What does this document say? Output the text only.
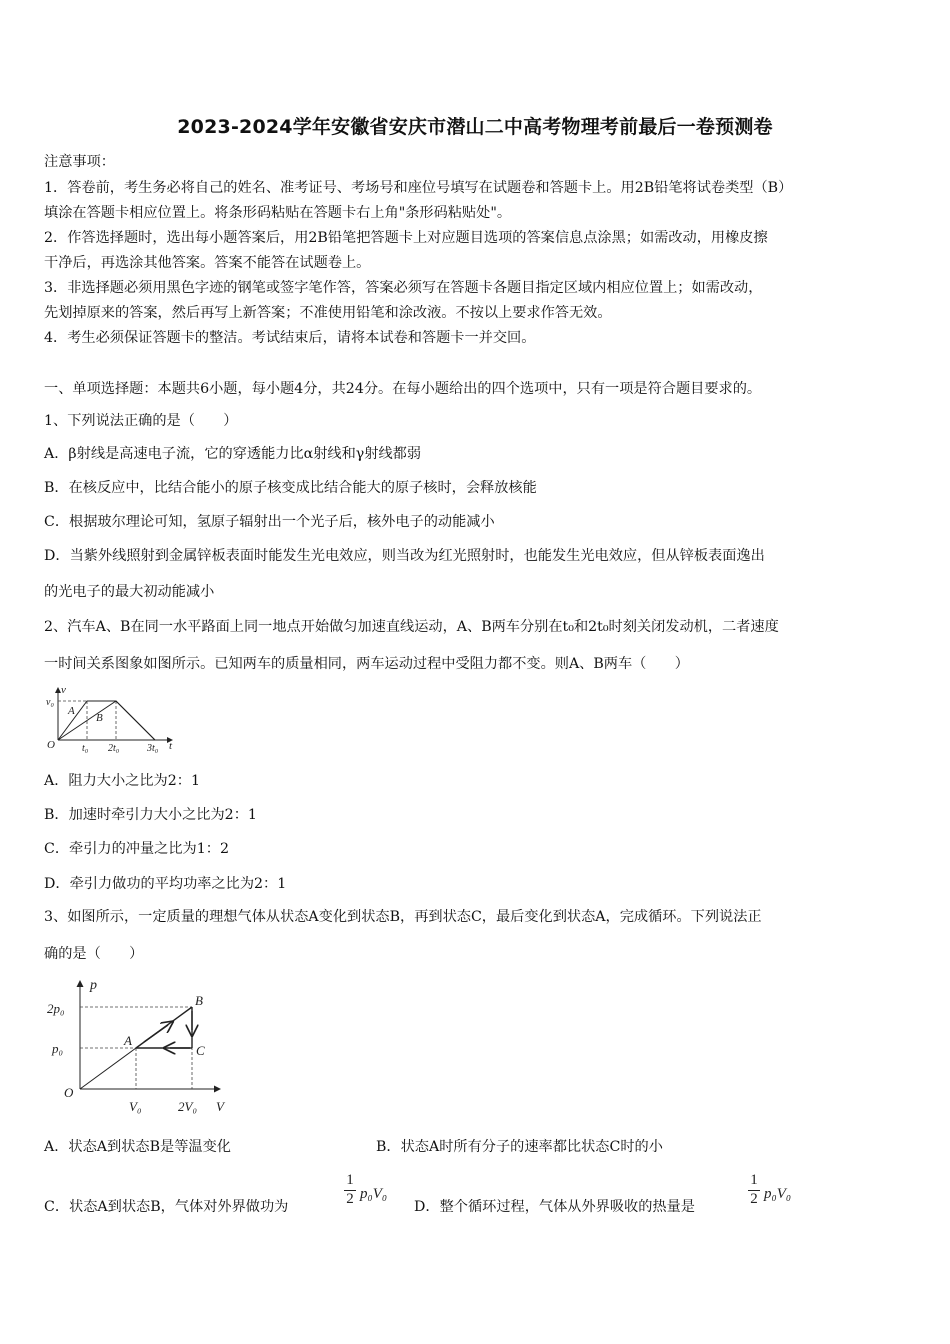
2023-2024学年安徽省安庆市潜山二中高考物理考前最后一卷预测卷
注意事项：
1．答卷前，考生务必将自己的姓名、准考证号、考场号和座位号填写在试题卷和答题卡上。用2B铅笔将试卷类型（B）
填涂在答题卡相应位置上。将条形码粘贴在答题卡右上角"条形码粘贴处"。
2．作答选择题时，选出每小题答案后，用2B铅笔把答题卡上对应题目选项的答案信息点涂黑；如需改动，用橡皮擦
干净后，再选涂其他答案。答案不能答在试题卷上。
3．非选择题必须用黑色字迹的钢笔或签字笔作答，答案必须写在答题卡各题目指定区域内相应位置上；如需改动，
先划掉原来的答案，然后再写上新答案；不准使用铅笔和涂改液。不按以上要求作答无效。
4．考生必须保证答题卡的整洁。考试结束后，请将本试卷和答题卡一并交回。
一、单项选择题：本题共6小题，每小题4分，共24分。在每小题给出的四个选项中，只有一项是符合题目要求的。
1、下列说法正确的是（　　）
A．β射线是高速电子流，它的穿透能力比α射线和γ射线都弱
B．在核反应中，比结合能小的原子核变成比结合能大的原子核时，会释放核能
C．根据玻尔理论可知，氢原子辐射出一个光子后，核外电子的动能减小
D．当紫外线照射到金属锌板表面时能发生光电效应，则当改为红光照射时，也能发生光电效应，但从锌板表面逸出
的光电子的最大初动能减小
2、汽车A、B在同一水平路面上同一地点开始做匀加速直线运动，A、B两车分别在t₀和2t₀时刻关闭发动机，二者速度
一时间关系图象如图所示。已知两车的质量相同，两车运动过程中受阻力都不变。则A、B两车（　　）
v
v₀
O
A
B
t₀ 2t₀	3t₀ t
A．阻力大小之比为2：1
B．加速时牵引力大小之比为2：1
C．牵引力的冲量之比为1：2
D．牵引力做功的平均功率之比为2：1
3、如图所示，一定质量的理想气体从状态A变化到状态B，再到状态C，最后变化到状态A，完成循环。下列说法正
确的是（　　）
p
2p₀
p₀
O
A
B
C
V₀	2V₀ V
A．状态A到状态B是等温变化	B．状态A时所有分子的速率都比状态C时的小
C．状态A到状态B，气体对外界做功为	$\frac{1}{2} p_0V_0$
D．整个循环过程，气体从外界吸收的热量是	$\frac{1}{2} p_0V_0$
